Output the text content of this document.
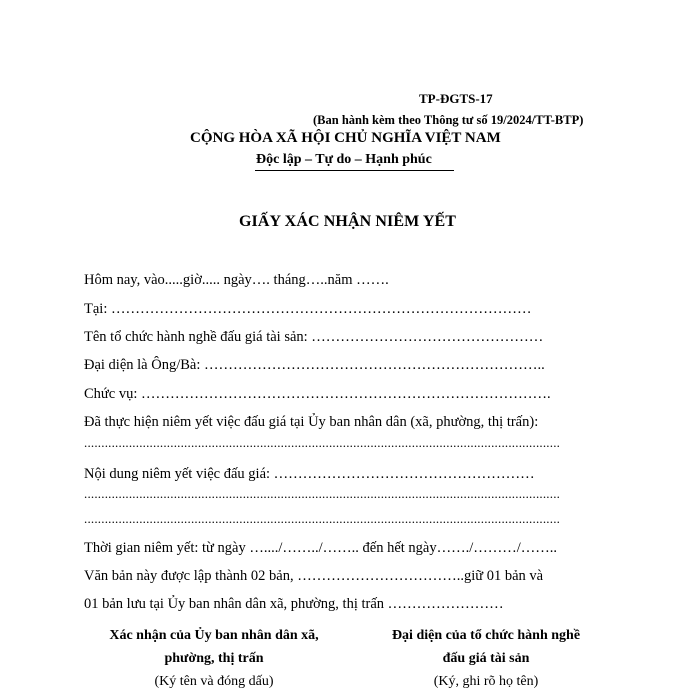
TP-ĐGTS-17
(Ban hành kèm theo Thông tư số 19/2024/TT-BTP)
CỘNG HÒA XÃ HỘI CHỦ NGHĨA VIỆT NAM
Độc lập – Tự do – Hạnh phúc
GIẤY XÁC NHẬN NIÊM YẾT
Hôm nay, vào.....giờ..... ngày…. tháng…..năm …….
Tại: ……………………………………………………………………………
Tên tổ chức hành nghề đấu giá tài sản: …………………………………………
Đại diện là Ông/Bà: ……………………………………………………………..
Chức vụ: ………………………………………………………………………….
Đã thực hiện niêm yết việc đấu giá tại Ủy ban nhân dân (xã, phường, thị trấn):
..........................................................................................................................................
Nội dung niêm yết việc đấu giá: ………………………………………………
..........................................................................................................................................
..........................................................................................................................................
Thời gian niêm yết: từ ngày …..../……../…….. đến hết ngày……./………/……..
Văn bản này được lập thành 02 bản, ……………………………..giữ 01 bản và
01 bản lưu tại Ủy ban nhân dân xã, phường, thị trấn ……………………
Xác nhận của Ủy ban nhân dân xã,
phường, thị trấn
(Ký tên và đóng dấu)
Đại diện của tổ chức hành nghề
đấu giá tài sản
(Ký, ghi rõ họ tên)
